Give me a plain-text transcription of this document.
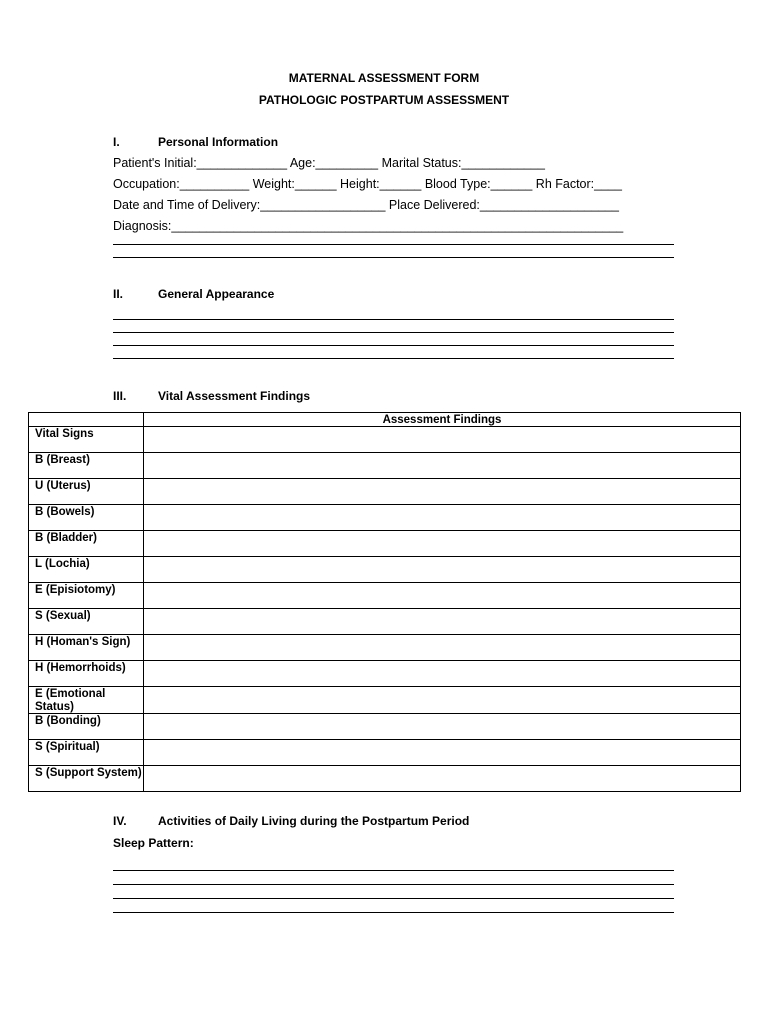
MATERNAL ASSESSMENT FORM
PATHOLOGIC POSTPARTUM ASSESSMENT
I.	Personal Information
Patient's Initial:_____________ Age:_________ Marital Status:____________
Occupation:__________ Weight:______ Height:______ Blood Type:______ Rh Factor:____
Date and Time of Delivery:__________________ Place Delivered:____________________
Diagnosis:_________________________________________________________________
II.	General Appearance
III.	Vital Assessment Findings
	Assessment Findings
Vital Signs	
B (Breast)	
U (Uterus)	
B (Bowels)	
B (Bladder)	
L (Lochia)	
E (Episiotomy)	
S (Sexual)	
H (Homan's Sign)	
H (Hemorrhoids)	
E (Emotional Status)	
B (Bonding)	
S (Spiritual)	
S (Support System)	
IV.	Activities of Daily Living during the Postpartum Period
Sleep Pattern:
